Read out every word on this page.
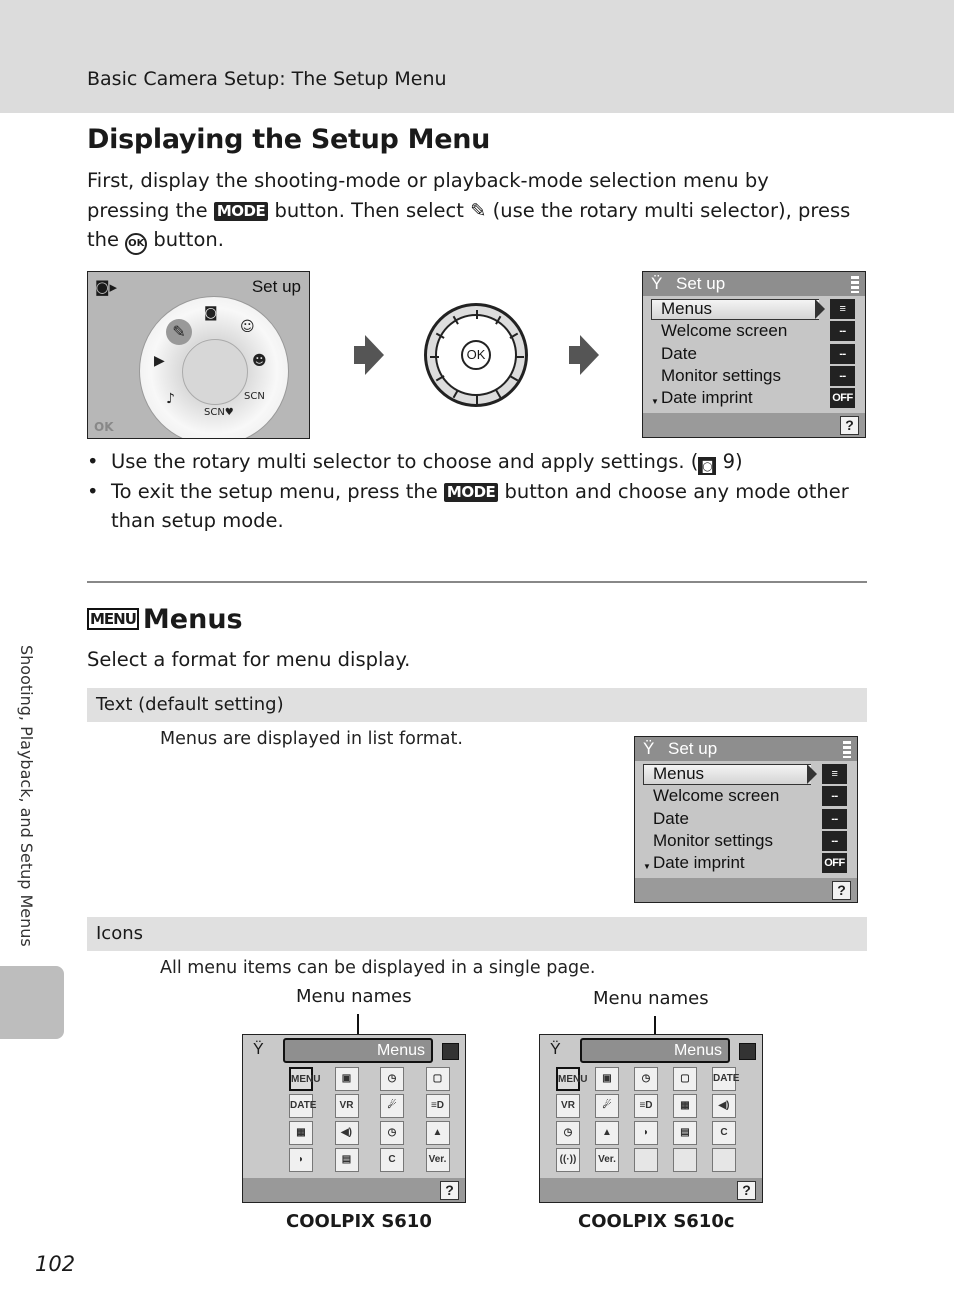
Basic Camera Setup: The Setup Menu
Displaying the Setup Menu
First, display the shooting-mode or playback-mode selection menu by pressing the MODE button. Then select ✎ (use the rotary multi selector), press the OK button.
◙▸	Set up
◙
☺
☻
SCN
SCN♥
♪
▶
✎
OK
OK
Ÿ Set up
Menus	≡
Welcome screen	--
Date	--
Monitor settings	--
▼ Date imprint	OFF
?
• Use the rotary multi selector to choose and apply settings. ( ◙ 9)
• To exit the setup menu, press the MODE button and choose any mode other than setup mode.
MENU Menus
Select a format for menu display.
Text (default setting)
Menus are displayed in list format.	Ÿ Set up
Menus	≡
Welcome screen	--
Date	--
Monitor settings	--
▼ Date imprint	OFF
?
Icons
All menu items can be displayed in a single page.
Menu names	Menu names
Ÿ	Menus
MENU	▣	◷	▢
DATE	VR	☄	≡D
▦	◀)	◷	▲
◗	▤	C	Ver.
?
COOLPIX S610
Ÿ	Menus
MENU	▣	◷	▢	DATE
VR	☄	≡D	▦	◀)
◷	▲	◗	▤	C
((·))	Ver.
?
COOLPIX S610c
Shooting, Playback, and Setup Menus
102
